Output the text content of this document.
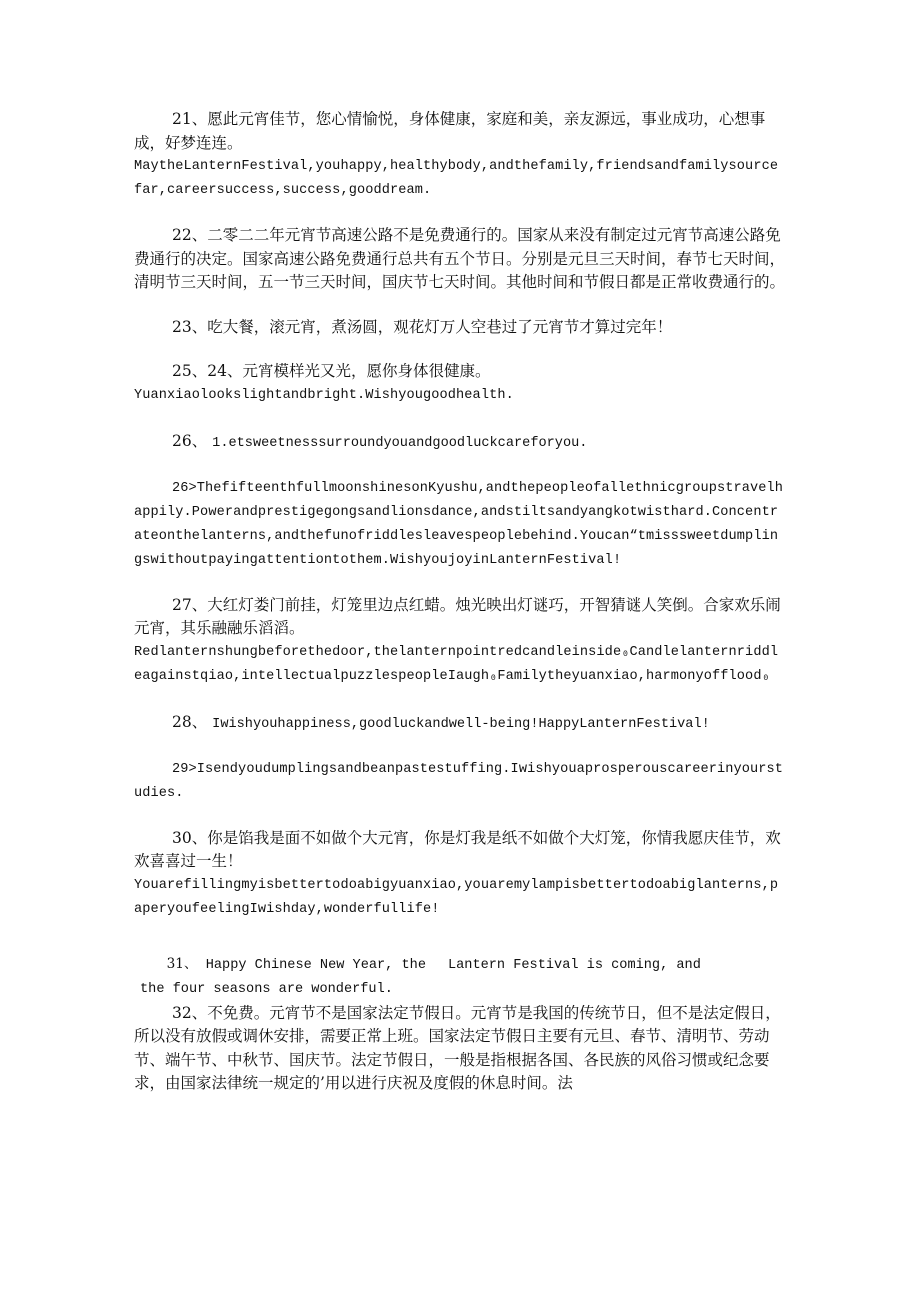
21、愿此元宵佳节，您心情愉悦，身体健康，家庭和美，亲友源远，事业成功，心想事成，好梦连连。

MaytheLanternFestival,youhappy,healthybody,andthefamily,friendsandfamilysourcefar,careersuccess,success,gooddream.

22、二零二二年元宵节高速公路不是免费通行的。国家从来没有制定过元宵节高速公路免费通行的决定。国家高速公路免费通行总共有五个节日。分别是元旦三天时间，春节七天时间，清明节三天时间，五一节三天时间，国庆节七天时间。其他时间和节假日都是正常收费通行的。

23、吃大餐，滚元宵，煮汤圆，观花灯万人空巷过了元宵节才算过完年！

25、24、元宵模样光又光，愿你身体很健康。

Yuanxiaolookslightandbright.Wishyougoodhealth.

26、 1.etsweetnesssurroundyouandgoodluckcareforyou.

26>ThefifteenthfullmoonshinesonKyushu,andthepeopleofallethnicgroupstravelhappily.Powerandprestigegongsandlionsdance,andstiltsandyangkotwisthard.Concentrateonthelanterns,andthefunofriddlesleavespeoplebehind.Youcan“tmisssweetdumplingswithoutpayingattentiontothem.WishyoujoyinLanternFestival!

27、大红灯娄门前挂，灯笼里边点红蜡。烛光映出灯谜巧，开智猜谜人笑倒。合家欢乐闹元宵，其乐融融乐滔滔。

Redlanternshungbeforethedoor,thelanternpointredcandleinside₀Candlelanternriddleagainstqiao,intellectualpuzzlespeopleIaugh₀Familytheyuanxiao,harmonyofflood₀

28、 Iwishyouhappiness,goodluckandwell-being!HappyLanternFestival!

29>Isendyoudumplingsandbeanpastestuffing.Iwishyouaprosperouscareerinyourstudies.

30、你是馅我是面不如做个大元宵，你是灯我是纸不如做个大灯笼，你情我愿庆佳节，欢欢喜喜过一生！

Youarefillingmyisbettertodoabigyuanxiao,youaremylampisbettertodoabiglanterns,paperyoufeelingIwishday,wonderfullife!

31、 Happy Chinese New Year, the Lantern Festival is coming, and

the four seasons are wonderful.

32、不免费。元宵节不是国家法定节假日。元宵节是我国的传统节日，但不是法定假日，所以没有放假或调休安排，需要正常上班。国家法定节假日主要有元旦、春节、清明节、劳动节、端午节、中秋节、国庆节。法定节假日，一般是指根据各国、各民族的风俗习惯或纪念要求，由国家法律统一规定的’用以进行庆祝及度假的休息时间。法
